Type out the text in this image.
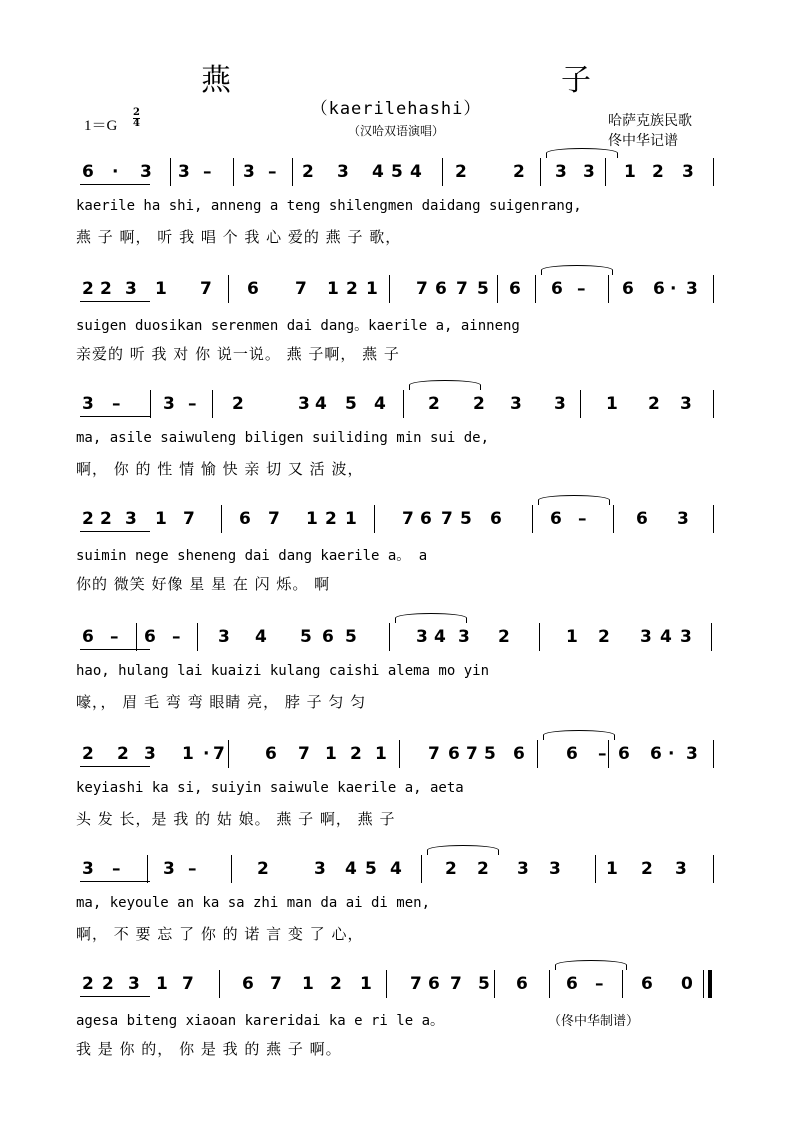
燕　子
（kaerilehashi）
（汉哈双语演唱）
1＝G
2
4	哈萨克族民歌
佟中华记谱
6 · 3 3 – 3 – 2 3 4 5 4 2	2 3 3 1 2 3
kaerile ha shi, anneng a teng shilengmen daidang suigenrang,
燕 子 啊， 听 我 唱 个 我 心 爱的 燕 子 歌，
2 2 3 1 7 6 7 1 2 1 7 6 7 5 6 6 – 6 6 · 3
suigen duosikan serenmen dai dang。kaerile a, ainneng
亲爱的 听 我 对 你 说一说。 燕 子啊， 燕 子
3 –	3 – 2	3 4 5 4 2 2 3 3 1 2 3
ma, asile saiwuleng biligen suiliding min sui de,
啊， 你 的 性 情 愉 快 亲 切 又 活 波，
2 2 3 1 7	6 7 1 2 1	7 6 7 5 6	6 –	6 3
suimin nege sheneng dai dang kaerile a。 a
你的 微笑 好像 星 星 在 闪 烁。 啊
6 – 6 – 3 4 5 6 5	3 4 3 2	1 2 3 4 3
hao, hulang lai kuaizi kulang caishi alema mo yin
嚎，， 眉 毛 弯 弯 眼睛 亮， 脖 子 匀 匀
2 2 3 1 · 7 6 7 1 2 1 7 6 7 5 6 6 – 6 6 · 3
keyiashi ka si, suiyin saiwule kaerile a, aeta
头 发 长，是 我 的 姑 娘。 燕 子 啊， 燕 子
3 –	3 –	2	3 4 5 4	2 2 3 3	1 2 3
ma, keyoule an ka sa zhi man da ai di men,
啊， 不 要 忘 了 你 的 诺 言 变 了 心，
2 2 3 1 7	6 7 1 2 1 7 6 7 5 6 6 – 6 0
agesa biteng xiaoan kareridai ka e ri le a。
我 是 你 的， 你 是 我 的 燕 子 啊。
（佟中华制谱）
